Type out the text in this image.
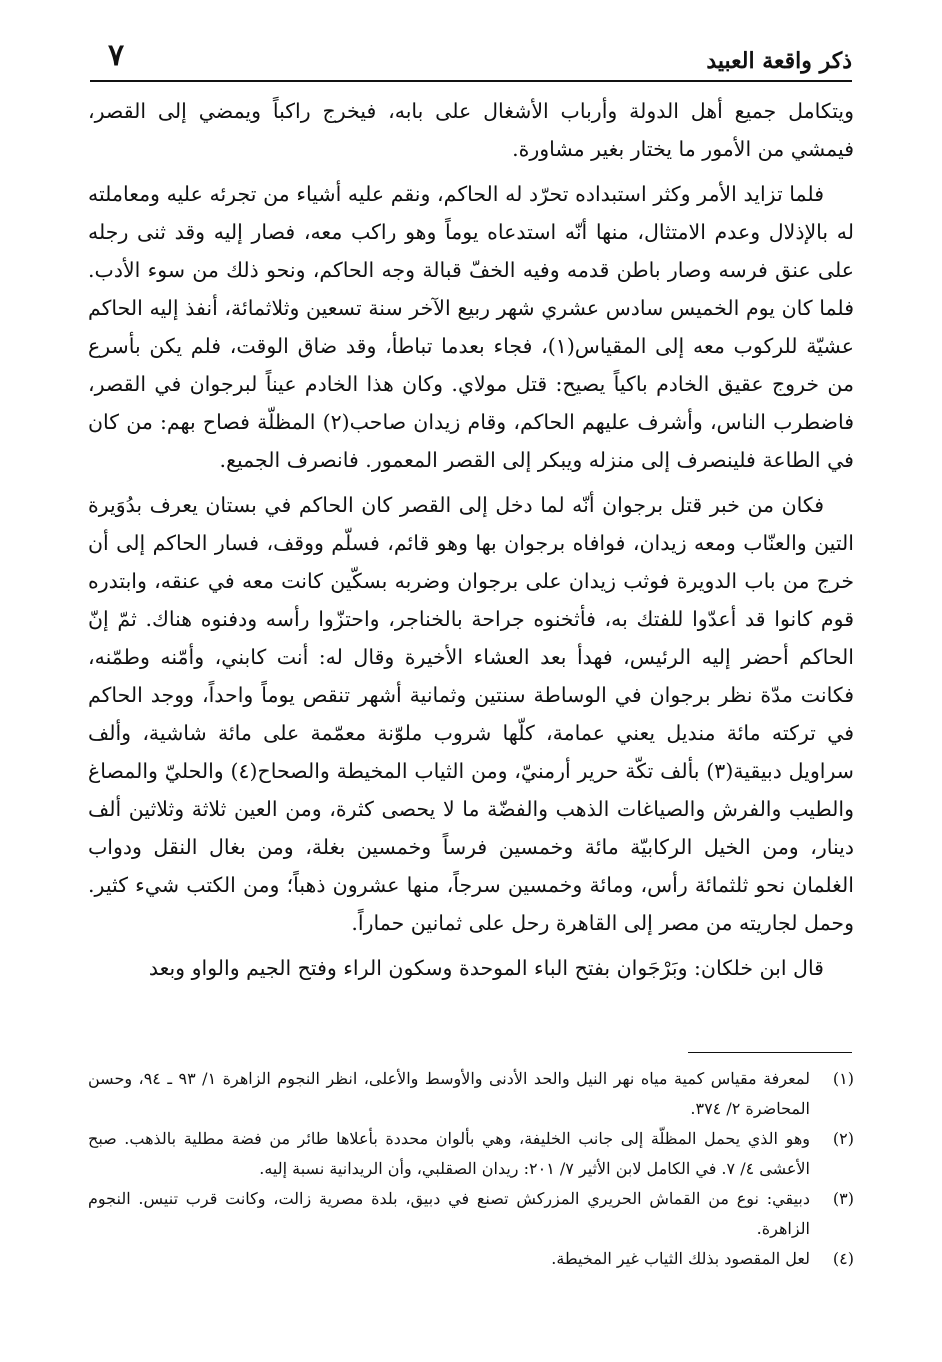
ذكر واقعة العبيد
٧

ويتكامل جميع أهل الدولة وأرباب الأشغال على بابه، فيخرج راكباً ويمضي إلى القصر، فيمشي من الأمور ما يختار بغير مشاورة.

فلما تزايد الأمر وكثر استبداده تحرّد له الحاكم، ونقم عليه أشياء من تجرئه عليه ومعاملته له بالإذلال وعدم الامتثال، منها أنّه استدعاه يوماً وهو راكب معه، فصار إليه وقد ثنى رجله على عنق فرسه وصار باطن قدمه وفيه الخفّ قبالة وجه الحاكم، ونحو ذلك من سوء الأدب. فلما كان يوم الخميس سادس عشري شهر ربيع الآخر سنة تسعين وثلاثمائة، أنفذ إليه الحاكم عشيّة للركوب معه إلى المقياس(١)، فجاء بعدما تباطأ، وقد ضاق الوقت، فلم يكن بأسرع من خروج عقيق الخادم باكياً يصيح: قتل مولاي. وكان هذا الخادم عيناً لبرجوان في القصر، فاضطرب الناس، وأشرف عليهم الحاكم، وقام زيدان صاحب(٢) المظلّة فصاح بهم: من كان في الطاعة فلينصرف إلى منزله ويبكر إلى القصر المعمور. فانصرف الجميع.

فكان من خبر قتل برجوان أنّه لما دخل إلى القصر كان الحاكم في بستان يعرف بدُوَيرة التين والعنّاب ومعه زيدان، فوافاه برجوان بها وهو قائم، فسلّم ووقف، فسار الحاكم إلى أن خرج من باب الدويرة فوثب زيدان على برجوان وضربه بسكّين كانت معه في عنقه، وابتدره قوم كانوا قد أعدّوا للفتك به، فأثخنوه جراحة بالخناجر، واحتزّوا رأسه ودفنوه هناك. ثمّ إنّ الحاكم أحضر إليه الرئيس، فهدأ بعد العشاء الأخيرة وقال له: أنت كابني، وأمّنه وطمّنه، فكانت مدّة نظر برجوان في الوساطة سنتين وثمانية أشهر تنقص يوماً واحداً، ووجد الحاكم في تركته مائة منديل يعني عمامة، كلّها شروب ملوّنة معمّمة على مائة شاشية، وألف سراويل دبيقية(٣) بألف تكّة حرير أرمنيّ، ومن الثياب المخيطة والصحاح(٤) والحليّ والمصاغ والطيب والفرش والصياغات الذهب والفضّة ما لا يحصى كثرة، ومن العين ثلاثة وثلاثين ألف دينار، ومن الخيل الركابيّة مائة وخمسين فرساً وخمسين بغلة، ومن بغال النقل ودواب الغلمان نحو ثلثمائة رأس، ومائة وخمسين سرجاً، منها عشرون ذهباً؛ ومن الكتب شيء كثير. وحمل لجاريته من مصر إلى القاهرة رحل على ثمانين حماراً.

قال ابن خلكان: وبَرْجَوان بفتح الباء الموحدة وسكون الراء وفتح الجيم والواو وبعد

(١)
لمعرفة مقياس كمية مياه نهر النيل والحد الأدنى والأوسط والأعلى، انظر النجوم الزاهرة ١/ ٩٣ ـ ٩٤، وحسن المحاضرة ٢/ ٣٧٤.
(٢)
وهو الذي يحمل المظلّة إلى جانب الخليفة، وهي بألوان محددة بأعلاها طائر من فضة مطلية بالذهب. صبح الأعشى ٤/ ٧. في الكامل لابن الأثير ٧/ ٢٠١: ريدان الصقلبي، وأن الريدانية نسبة إليه.
(٣)
دبيقي: نوع من القماش الحريري المزركش تصنع في دبيق، بلدة مصرية زالت، وكانت قرب تنيس. النجوم الزاهرة.
(٤)
لعل المقصود بذلك الثياب غير المخيطة.
